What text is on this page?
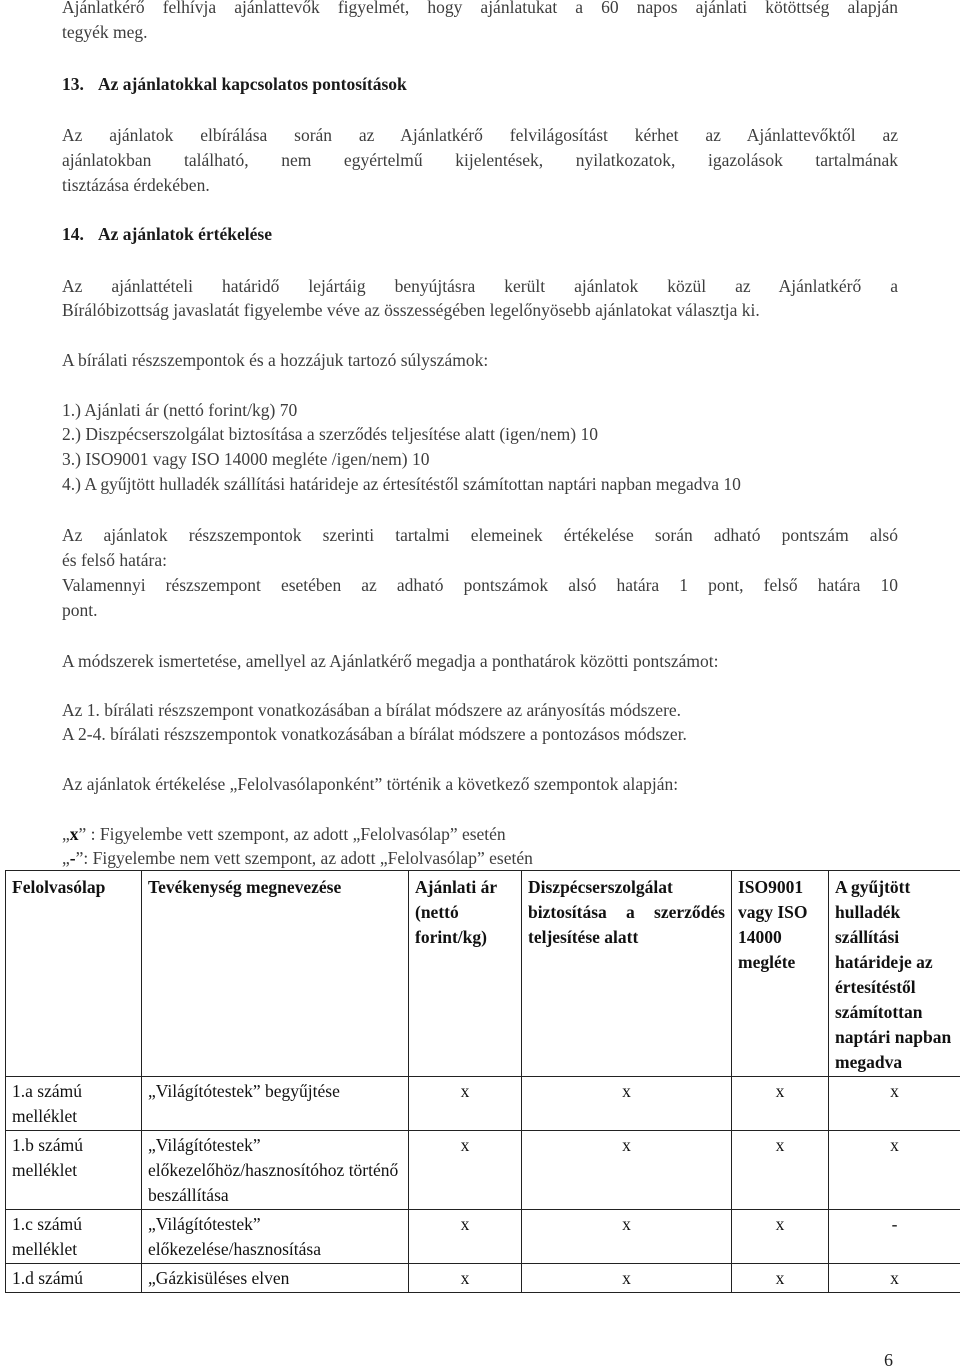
Ajánlatkérő felhívja ajánlattevők figyelmét, hogy ajánlatukat a 60 napos ajánlati kötöttség alapján
tegyék meg.
13. Az ajánlatokkal kapcsolatos pontosítások
Az ajánlatok elbírálása során az Ajánlatkérő felvilágosítást kérhet az Ajánlattevőktől az
ajánlatokban található, nem egyértelmű kijelentések, nyilatkozatok, igazolások tartalmának
tisztázása érdekében.
14. Az ajánlatok értékelése
Az ajánlattételi határidő lejártáig benyújtásra került ajánlatok közül az Ajánlatkérő a
Bírálóbizottság javaslatát figyelembe véve az összességében legelőnyösebb ajánlatokat választja ki.
A bírálati részszempontok és a hozzájuk tartozó súlyszámok:
1.) Ajánlati ár (nettó forint/kg) 70
2.) Diszpécserszolgálat biztosítása a szerződés teljesítése alatt (igen/nem) 10
3.) ISO9001 vagy ISO 14000 megléte /igen/nem) 10
4.) A gyűjtött hulladék szállítási határideje az értesítéstől számítottan naptári napban megadva 10
Az ajánlatok részszempontok szerinti tartalmi elemeinek értékelése során adható pontszám alsó
és felső határa:
Valamennyi részszempont esetében az adható pontszámok alsó határa 1 pont, felső határa 10
pont.
A módszerek ismertetése, amellyel az Ajánlatkérő megadja a ponthatárok közötti pontszámot:
Az 1. bírálati részszempont vonatkozásában a bírálat módszere az arányosítás módszere.
A 2-4. bírálati részszempontok vonatkozásában a bírálat módszere a pontozásos módszer.
Az ajánlatok értékelése „Felolvasólaponként” történik a következő szempontok alapján:
„x” : Figyelembe vett szempont, az adott „Felolvasólap” esetén
„-”: Figyelembe nem vett szempont, az adott „Felolvasólap” esetén
Felolvasólap	Tevékenység megnevezése	Ajánlati ár (nettó forint/kg)	Diszpécserszolgálat biztosítása a szerződés teljesítése alatt	ISO9001 vagy ISO 14000 megléte	A gyűjtött hulladék szállítási határideje az értesítéstől számítottan naptári napban megadva
1.a számú melléklet	„Világítótestek” begyűjtése	x	x	x	x
1.b számú melléklet	„Világítótestek” előkezelőhöz/hasznosítóhoz történő beszállítása	x	x	x	x
1.c számú melléklet	„Világítótestek” előkezelése/hasznosítása	x	x	x	-
1.d számú	„Gázkisüléses elven	x	x	x	x
6
